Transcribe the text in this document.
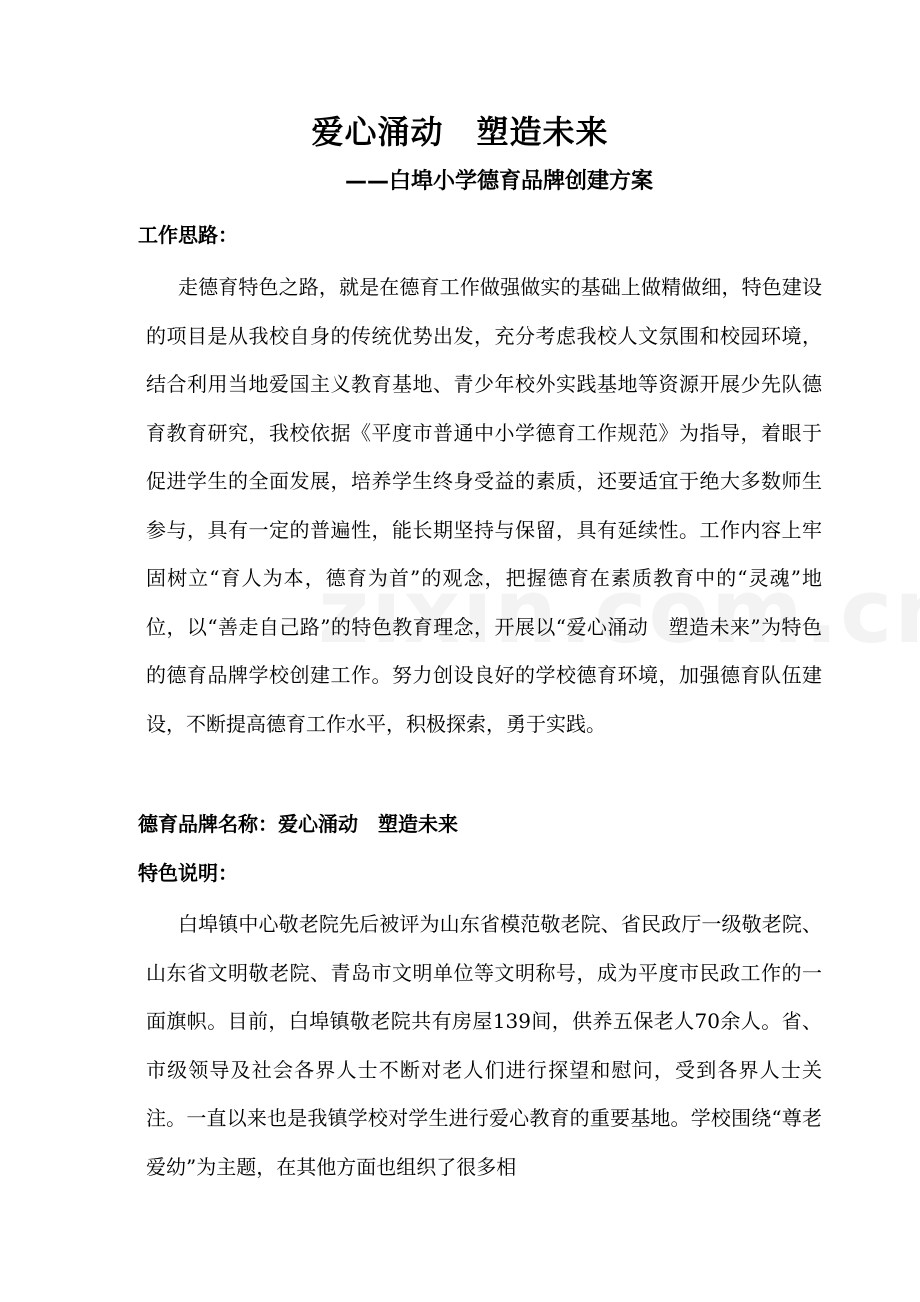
爱心涌动　塑造未来
——白埠小学德育品牌创建方案
工作思路：

走德育特色之路，就是在德育工作做强做实的基础上做精做细，特色建设的项目是从我校自身的传统优势出发，充分考虑我校人文氛围和校园环境，结合利用当地爱国主义教育基地、青少年校外实践基地等资源开展少先队德育教育研究，我校依据《平度市普通中小学德育工作规范》为指导，着眼于促进学生的全面发展，培养学生终身受益的素质，还要适宜于绝大多数师生参与，具有一定的普遍性，能长期坚持与保留，具有延续性。工作内容上牢固树立“育人为本，德育为首”的观念，把握德育在素质教育中的“灵魂”地位，以“善走自己路”的特色教育理念，开展以“爱心涌动　塑造未来”为特色的德育品牌学校创建工作。努力创设良好的学校德育环境，加强德育队伍建设，不断提高德育工作水平，积极探索，勇于实践。

德育品牌名称：爱心涌动　塑造未来
特色说明：

白埠镇中心敬老院先后被评为山东省模范敬老院、省民政厅一级敬老院、山东省文明敬老院、青岛市文明单位等文明称号，成为平度市民政工作的一面旗帜。目前，白埠镇敬老院共有房屋139间，供养五保老人70余人。省、市级领导及社会各界人士不断对老人们进行探望和慰问，受到各界人士关注。一直以来也是我镇学校对学生进行爱心教育的重要基地。学校围绕“尊老爱幼”为主题，在其他方面也组织了很多相
